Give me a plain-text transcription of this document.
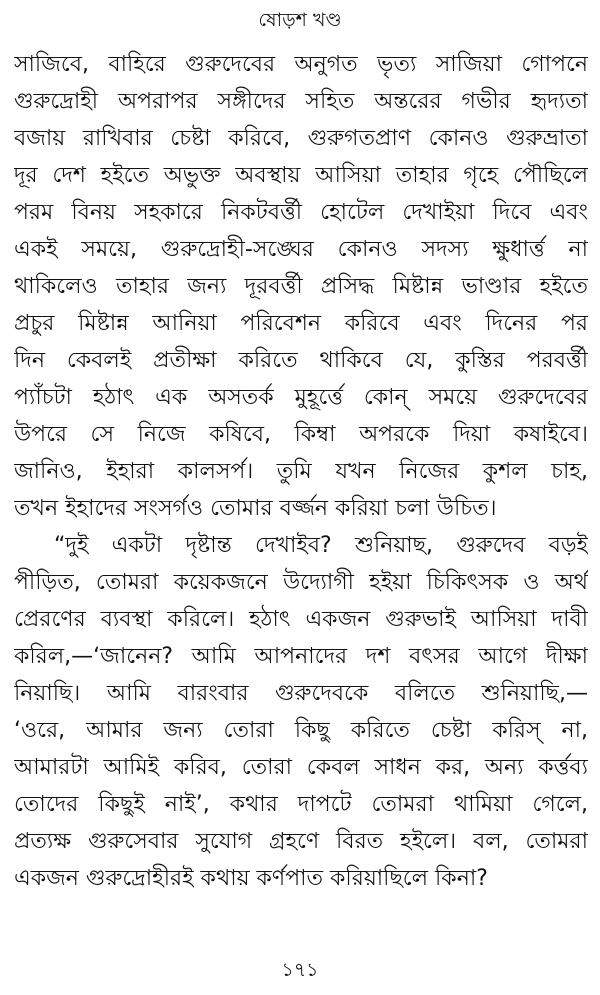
ষোড়শ খণ্ড
সাজিবে, বাহিরে গুরুদেবের অনুগত ভৃত্য সাজিয়া গোপনে
গুরুদ্রোহী অপরাপর সঙ্গীদের সহিত অন্তরের গভীর হৃদ্যতা
বজায় রাখিবার চেষ্টা করিবে, গুরুগতপ্রাণ কোনও গুরুভ্রাতা
দূর দেশ হইতে অভুক্ত অবস্থায় আসিয়া তাহার গৃহে পৌছিলে
পরম বিনয় সহকারে নিকটবর্ত্তী হোটেল দেখাইয়া দিবে এবং
একই সময়ে, গুরুদ্রোহী-সঙ্ঘের কোনও সদস্য ক্ষুধার্ত্ত না
থাকিলেও তাহার জন্য দূরবর্ত্তী প্রসিদ্ধ মিষ্টান্ন ভাণ্ডার হইতে
প্রচুর মিষ্টান্ন আনিয়া পরিবেশন করিবে এবং দিনের পর
দিন কেবলই প্রতীক্ষা করিতে থাকিবে যে, কুস্তির পরবর্ত্তী
প্যাঁচটা হঠাৎ এক অসতর্ক মুহূর্ত্তে কোন্‌ সময়ে গুরুদেবের
উপরে সে নিজে কষিবে, কিম্বা অপরকে দিয়া কষাইবে।
জানিও, ইহারা কালসর্প। তুমি যখন নিজের কুশল চাহ,
তখন ইহাদের সংসর্গও তোমার বর্জ্জন করিয়া চলা উচিত।
“দুই একটা দৃষ্টান্ত দেখাইব? শুনিয়াছ, গুরুদেব বড়ই
পীড়িত, তোমরা কয়েকজনে উদ্যোগী হইয়া চিকিৎসক ও অর্থ
প্রেরণের ব্যবস্থা করিলে। হঠাৎ একজন গুরুভাই আসিয়া দাবী
করিল,—‘জানেন? আমি আপনাদের দশ বৎসর আগে দীক্ষা
নিয়াছি। আমি বারংবার গুরুদেবকে বলিতে শুনিয়াছি,—
‘ওরে, আমার জন্য তোরা কিছু করিতে চেষ্টা করিস্‌ না,
আমারটা আমিই করিব, তোরা কেবল সাধন কর, অন্য কর্ত্তব্য
তোদের কিছুই নাই’, কথার দাপটে তোমরা থামিয়া গেলে,
প্রত্যক্ষ গুরুসেবার সুযোগ গ্রহণে বিরত হইলে। বল, তোমরা
একজন গুরুদ্রোহীরই কথায় কর্ণপাত করিয়াছিলে কিনা?
১৭১
